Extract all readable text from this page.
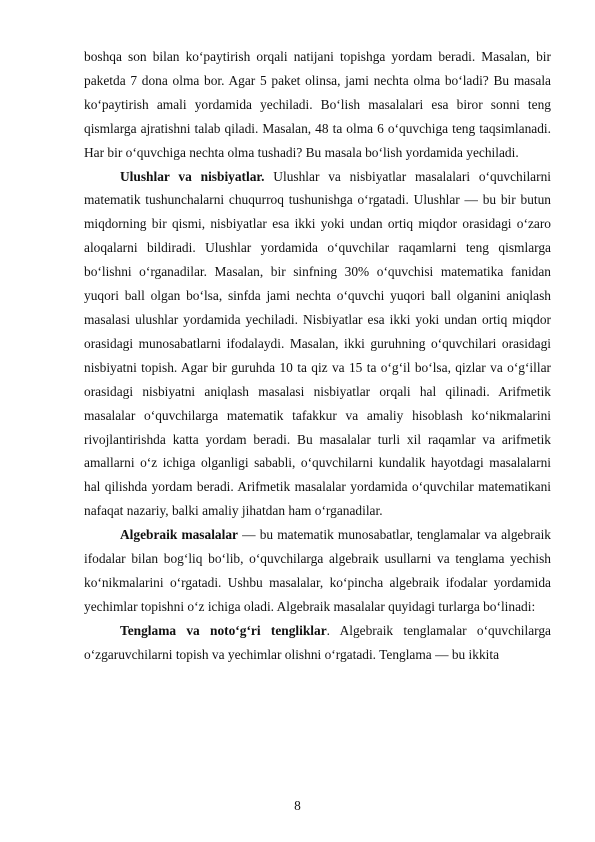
boshqa son bilan ko‘paytirish orqali natijani topishga yordam beradi. Masalan, bir paketda 7 dona olma bor. Agar 5 paket olinsa, jami nechta olma bo‘ladi? Bu masala ko‘paytirish amali yordamida yechiladi. Bo‘lish masalalari esa biror sonni teng qismlarga ajratishni talab qiladi. Masalan, 48 ta olma 6 o‘quvchiga teng taqsimlanadi. Har bir o‘quvchiga nechta olma tushadi? Bu masala bo‘lish yordamida yechiladi.

Ulushlar va nisbiyatlar. Ulushlar va nisbiyatlar masalalari o‘quvchilarni matematik tushunchalarni chuqurroq tushunishga o‘rgatadi. Ulushlar — bu bir butun miqdorning bir qismi, nisbiyatlar esa ikki yoki undan ortiq miqdor orasidagi o‘zaro aloqalarni bildiradi. Ulushlar yordamida o‘quvchilar raqamlarni teng qismlarga bo‘lishni o‘rganadilar. Masalan, bir sinfning 30% o‘quvchisi matematika fanidan yuqori ball olgan bo‘lsa, sinfda jami nechta o‘quvchi yuqori ball olganini aniqlash masalasi ulushlar yordamida yechiladi. Nisbiyatlar esa ikki yoki undan ortiq miqdor orasidagi munosabatlarni ifodalaydi. Masalan, ikki guruhning o‘quvchilari orasidagi nisbiyatni topish. Agar bir guruhda 10 ta qiz va 15 ta o‘g‘il bo‘lsa, qizlar va o‘g‘illar orasidagi nisbiyatni aniqlash masalasi nisbiyatlar orqali hal qilinadi. Arifmetik masalalar o‘quvchilarga matematik tafakkur va amaliy hisoblash ko‘nikmalarini rivojlantirishda katta yordam beradi. Bu masalalar turli xil raqamlar va arifmetik amallarni o‘z ichiga olganligi sababli, o‘quvchilarni kundalik hayotdagi masalalarni hal qilishda yordam beradi. Arifmetik masalalar yordamida o‘quvchilar matematikani nafaqat nazariy, balki amaliy jihatdan ham o‘rganadilar.

Algebraik masalalar — bu matematik munosabatlar, tenglamalar va algebraik ifodalar bilan bog‘liq bo‘lib, o‘quvchilarga algebraik usullarni va tenglama yechish ko‘nikmalarini o‘rgatadi. Ushbu masalalar, ko‘pincha algebraik ifodalar yordamida yechimlar topishni o‘z ichiga oladi. Algebraik masalalar quyidagi turlarga bo‘linadi:

Tenglama va noto‘g‘ri tengliklar. Algebraik tenglamalar o‘quvchilarga o‘zgaruvchilarni topish va yechimlar olishni o‘rgatadi. Tenglama — bu ikkita

8
